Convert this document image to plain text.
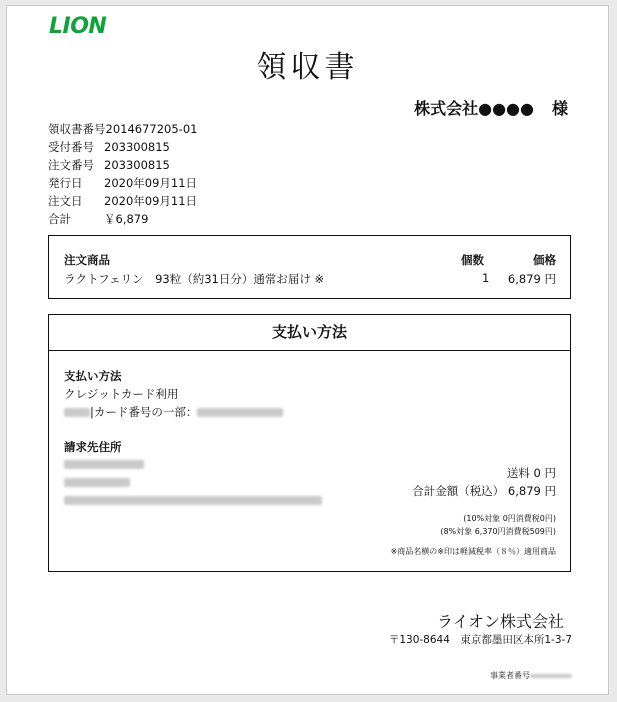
LION
領収書
株式会社●●●● 様
領収書番号2014677205-01
受付番号 203300815
注文番号 203300815
発行日 2020年09月11日
注文日 2020年09月11日
合計	￥6,879
注文商品	個数	価格
ラクトフェリン　93粒（約31日分）通常お届け ※	1 6,879 円
支払い方法
支払い方法
クレジットカード利用
|カード番号の一部：
請求先住所
送料 0 円
合計金額（税込） 6,879 円
(10%対象 0円消費税0円)
(8%対象 6,370円消費税509円)
※商品名横の※印は軽減税率（８％）適用商品
ライオン株式会社
〒130-8644　東京都墨田区本所1-3-7
事業者番号
